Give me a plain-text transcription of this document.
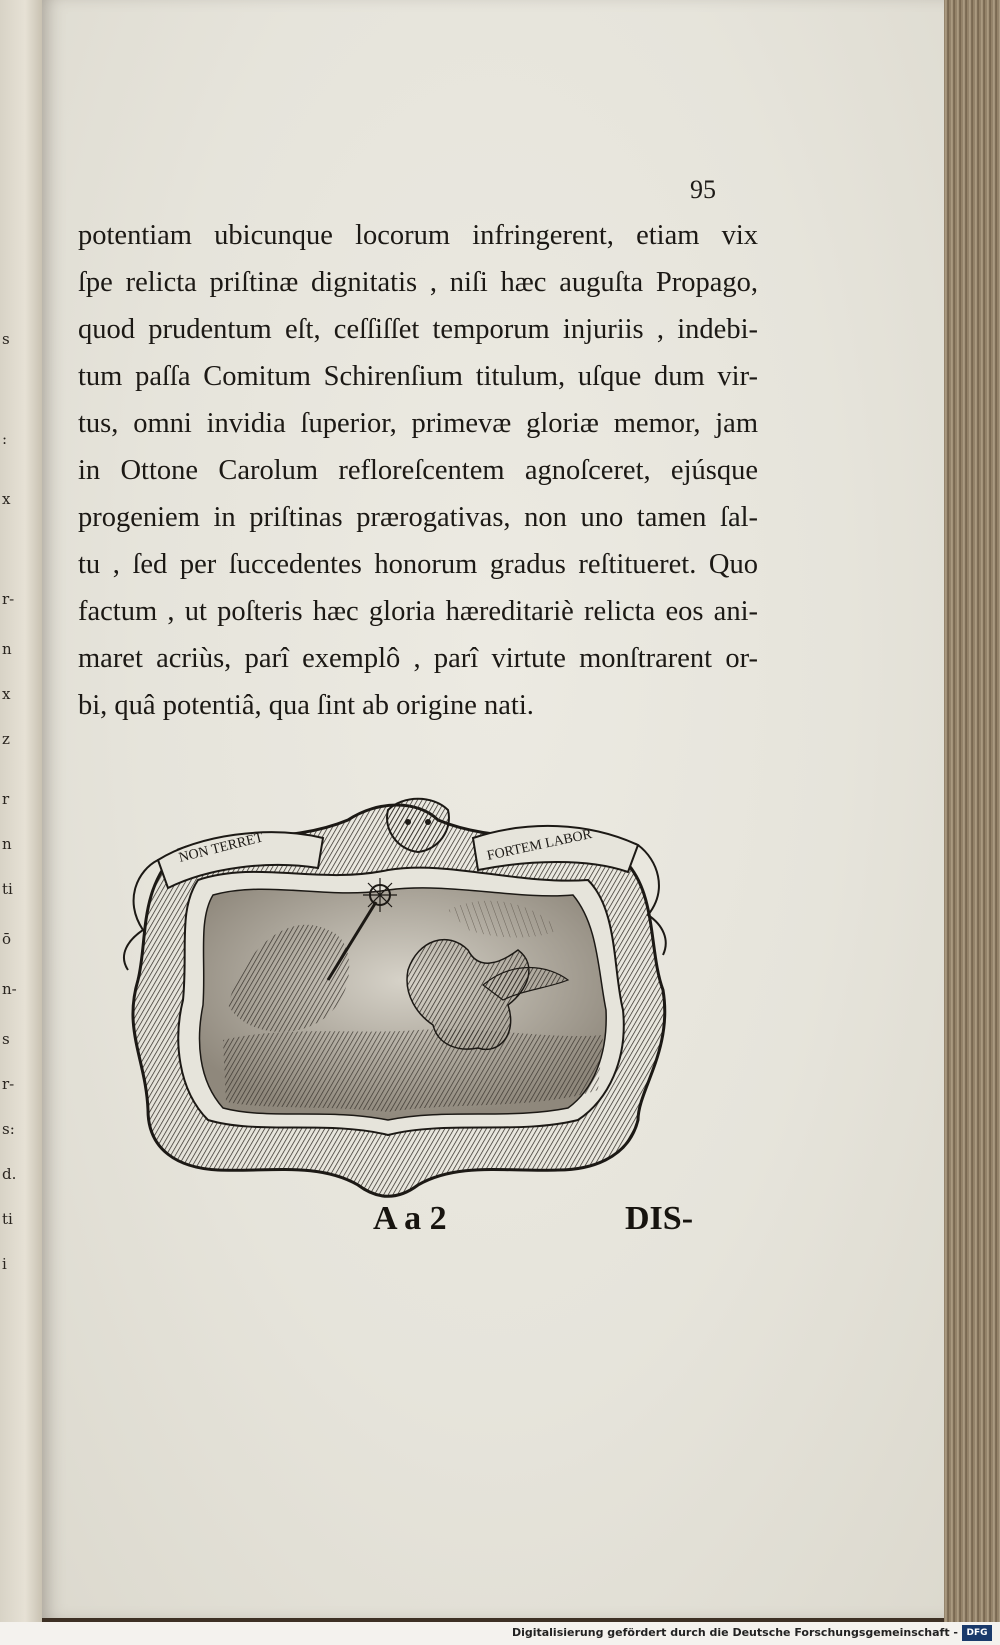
s
:
x
r-
n
x
z
r
n
ti
ō
n-
s
r-
s:
d.
ti
i
95
potentiam ubicunque locorum infringerent, etiam vix
ſpe relicta priſtinæ dignitatis , niſi hæc auguſta Propago,
quod prudentum eſt, ceſſiſſet temporum injuriis , indebi-
tum paſſa Comitum Schirenſium titulum, uſque dum vir-
tus, omni invidia ſuperior, primevæ gloriæ memor, jam
in Ottone Carolum refloreſcentem agnoſceret, ejúsque
progeniem in priſtinas prærogativas, non uno tamen ſal-
tu , ſed per ſuccedentes honorum gradus reſtitueret. Quo
factum , ut poſteris hæc gloria hæreditariè relicta eos ani-
maret acriùs, parî exemplô , parî virtute monſtrarent or-
bi, quâ potentiâ, qua ſint ab origine nati.
NON TERRET	FORTEM LABOR
A a 2	DIS-
Digitalisierung gefördert durch die Deutsche Forschungsgemeinschaft - DFG
